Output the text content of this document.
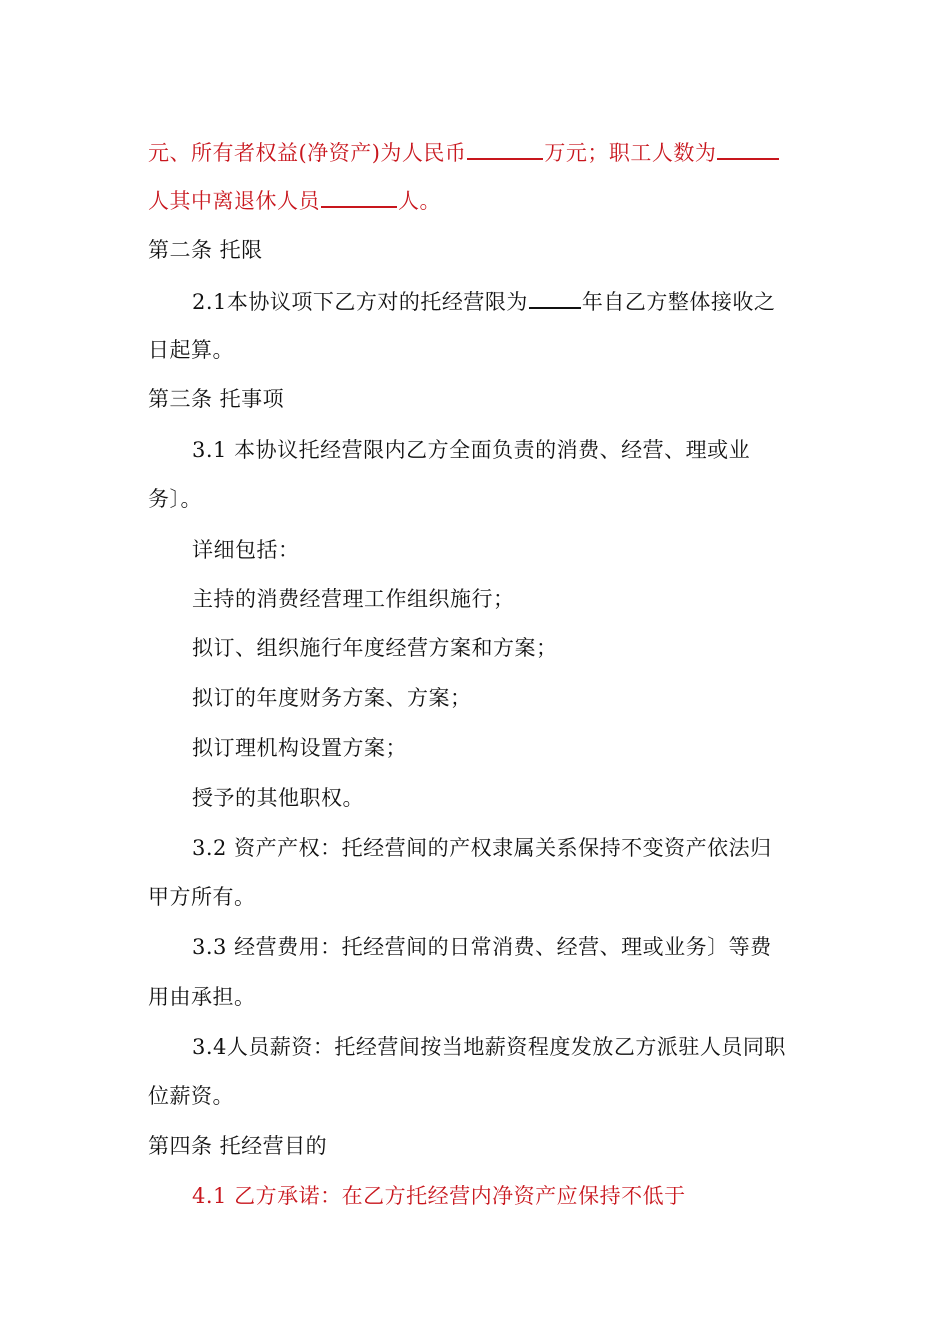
元、所有者权益(净资产)为人民币	万元；职工人数为
人其中离退休人员	人。
第二条 托限
2.1本协议项下乙方对的托经营限为	年自乙方整体接收之
日起算。
第三条 托事项
3.1 本协议托经营限内乙方全面负责的消费、经营、理或业
务〕。
详细包括：
主持的消费经营理工作组织施行；
拟订、组织施行年度经营方案和方案；
拟订的年度财务方案、方案；
拟订理机构设置方案；
授予的其他职权。
3.2 资产产权：托经营间的产权隶属关系保持不变资产依法归
甲方所有。
3.3 经营费用：托经营间的日常消费、经营、理或业务〕等费
用由承担。
3.4人员薪资：托经营间按当地薪资程度发放乙方派驻人员同职
位薪资。
第四条 托经营目的
4.1 乙方承诺：在乙方托经营内净资产应保持不低于
